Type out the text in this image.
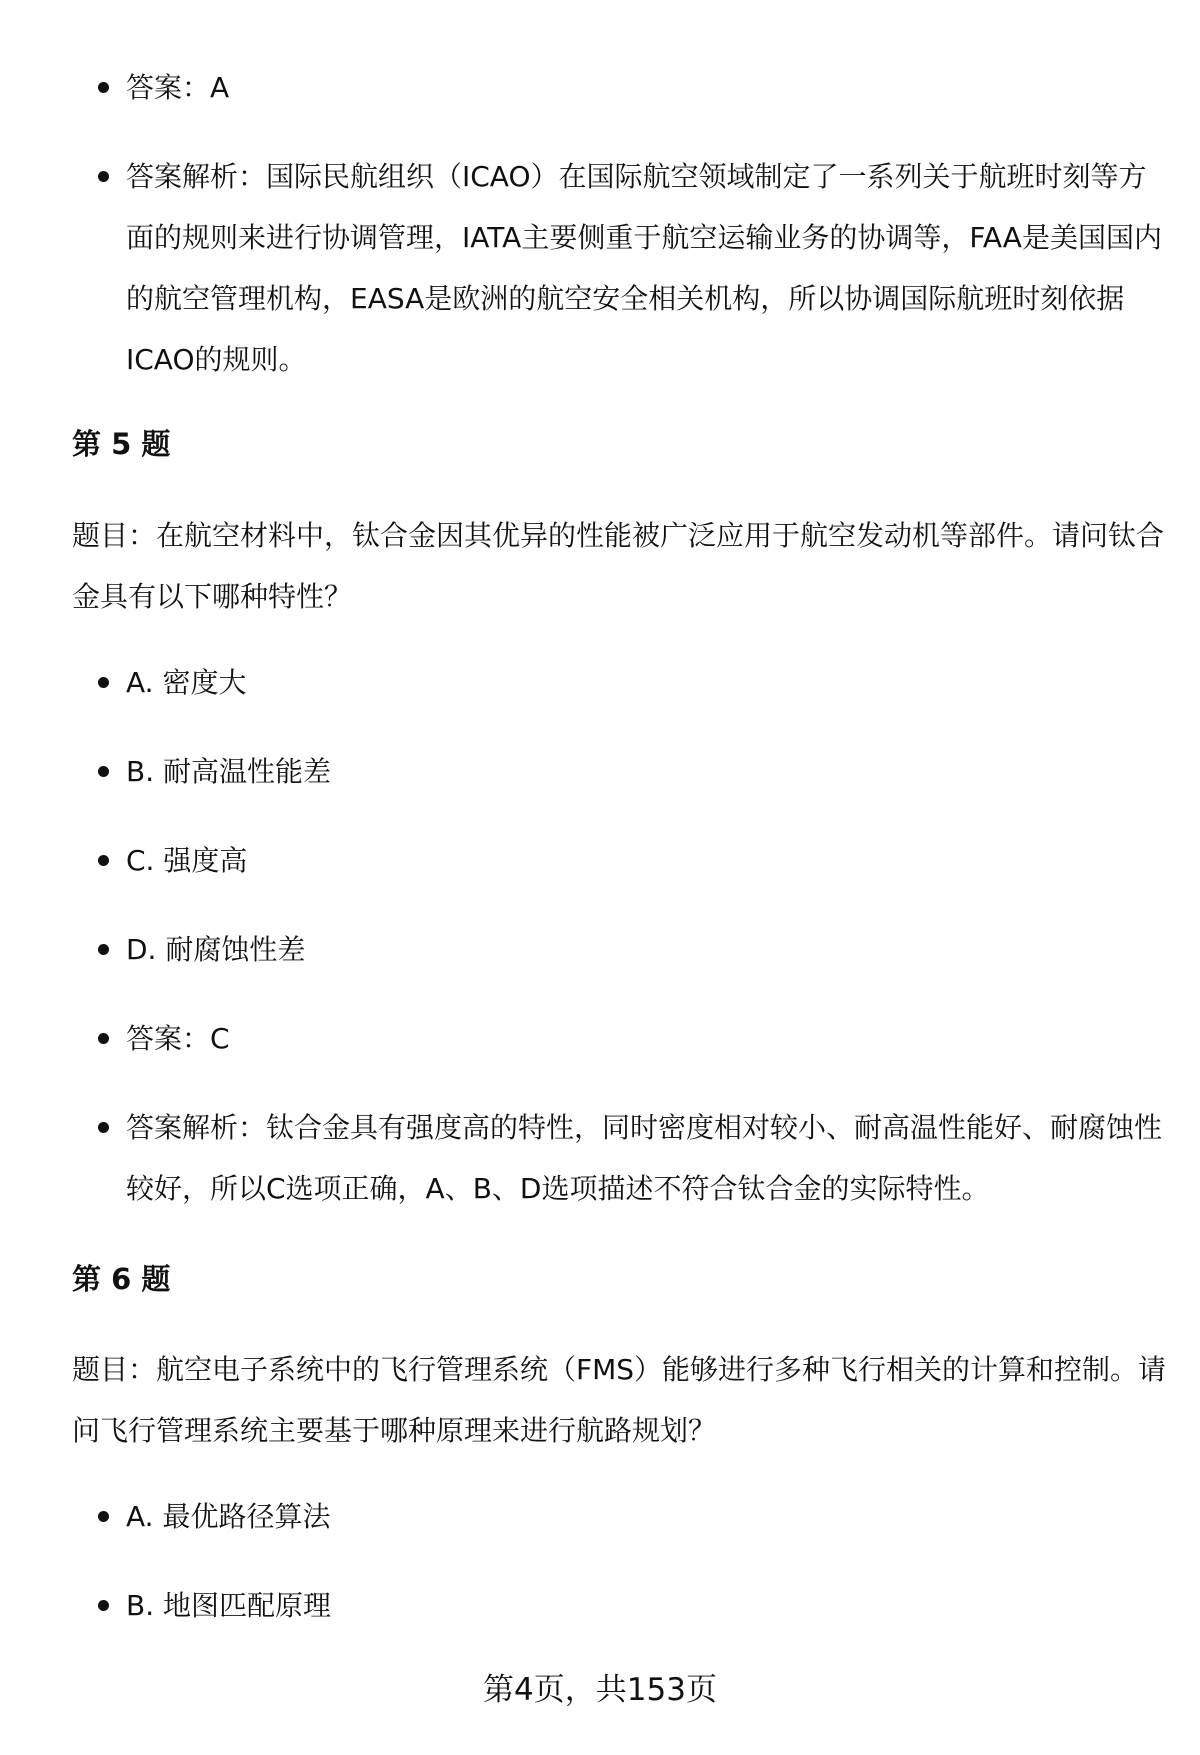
答案：A
答案解析：国际民航组织（ICAO）在国际航空领域制定了一系列关于航班时刻等方面的规则来进行协调管理，IATA主要侧重于航空运输业务的协调等，FAA是美国国内的航空管理机构，EASA是欧洲的航空安全相关机构，所以协调国际航班时刻依据ICAO的规则。
第 5 题
题目：在航空材料中，钛合金因其优异的性能被广泛应用于航空发动机等部件。请问钛合金具有以下哪种特性？
A. 密度大
B. 耐高温性能差
C. 强度高
D. 耐腐蚀性差
答案：C
答案解析：钛合金具有强度高的特性，同时密度相对较小、耐高温性能好、耐腐蚀性较好，所以C选项正确，A、B、D选项描述不符合钛合金的实际特性。
第 6 题
题目：航空电子系统中的飞行管理系统（FMS）能够进行多种飞行相关的计算和控制。请问飞行管理系统主要基于哪种原理来进行航路规划？
A. 最优路径算法
B. 地图匹配原理
第4页，共153页
